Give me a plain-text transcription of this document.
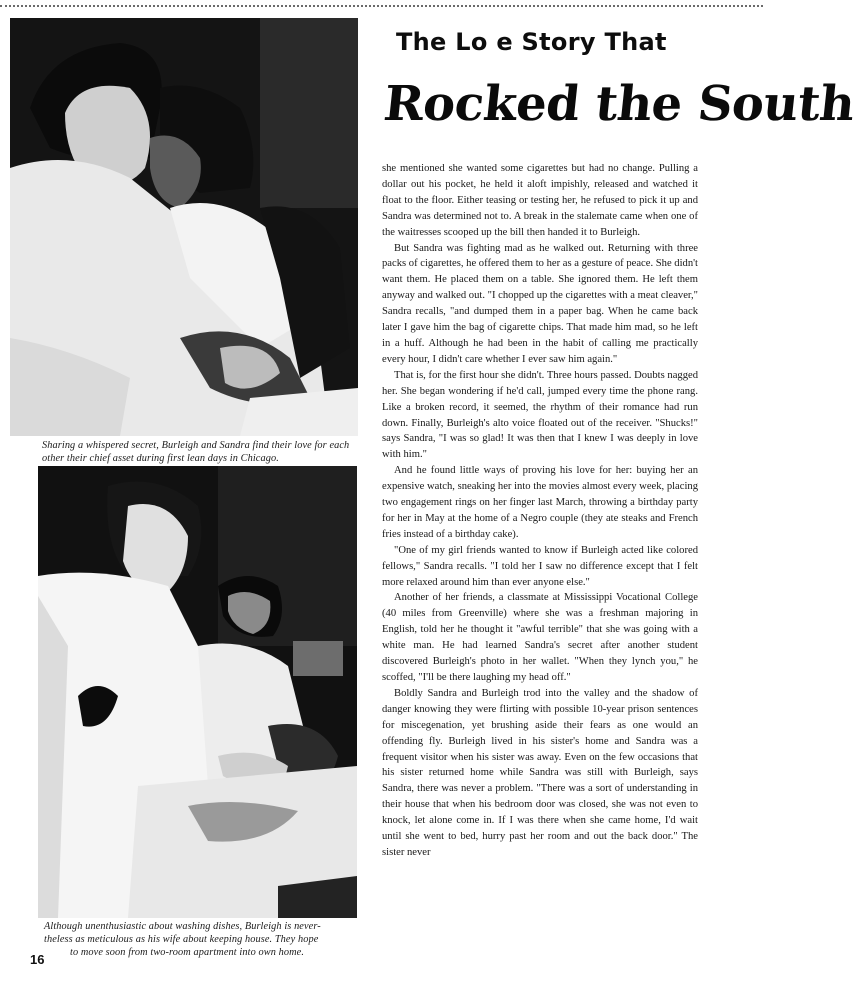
Sharing a whispered secret, Burleigh and Sandra find their love for each other their chief asset during first lean days in Chicago.
Although unenthusiastic about washing dishes, Burleigh is never-
theless as meticulous as his wife about keeping house. They hope

to move soon from two-room apartment into own home.
16
The Lo e Story That
Rocked the South

she mentioned she wanted some cigarettes but had no change. Pulling a dollar out his pocket, he held it aloft impishly, released and watched it float to the floor. Either teasing or testing her, he refused to pick it up and Sandra was determined not to. A break in the stalemate came when one of the waitresses scooped up the bill then handed it to Burleigh.

But Sandra was fighting mad as he walked out. Returning with three packs of cigarettes, he offered them to her as a gesture of peace. She didn't want them. He placed them on a table. She ignored them. He left them anyway and walked out. "I chopped up the cigarettes with a meat cleaver," Sandra recalls, "and dumped them in a paper bag. When he came back later I gave him the bag of cigarette chips. That made him mad, so he left in a huff. Although he had been in the habit of calling me practically every hour, I didn't care whether I ever saw him again."

That is, for the first hour she didn't. Three hours passed. Doubts nagged her. She began wondering if he'd call, jumped every time the phone rang. Like a broken record, it seemed, the rhythm of their romance had run down. Finally, Burleigh's alto voice floated out of the receiver. "Shucks!" says Sandra, "I was so glad! It was then that I knew I was deeply in love with him."

And he found little ways of proving his love for her: buying her an expensive watch, sneaking her into the movies almost every week, placing two engagement rings on her finger last March, throwing a birthday party for her in May at the home of a Negro couple (they ate steaks and French fries instead of a birthday cake).

"One of my girl friends wanted to know if Burleigh acted like colored fellows," Sandra recalls. "I told her I saw no difference except that I felt more relaxed around him than ever anyone else."

Another of her friends, a classmate at Mississippi Vocational College (40 miles from Greenville) where she was a freshman majoring in English, told her he thought it "awful terrible" that she was going with a white man. He had learned Sandra's secret after another student discovered Burleigh's photo in her wallet. "When they lynch you," he scoffed, "I'll be there laughing my head off."

Boldly Sandra and Burleigh trod into the valley and the shadow of danger knowing they were flirting with possible 10-year prison sentences for miscegenation, yet brushing aside their fears as one would an offending fly. Burleigh lived in his sister's home and Sandra was a frequent visitor when his sister was away. Even on the few occasions that his sister returned home while Sandra was still with Burleigh, says Sandra, there was never a problem. "There was a sort of understanding in their house that when his bedroom door was closed, she was not even to knock, let alone come in. If I was there when she came home, I'd wait until she went to bed, hurry past her room and out the back door." The sister never
